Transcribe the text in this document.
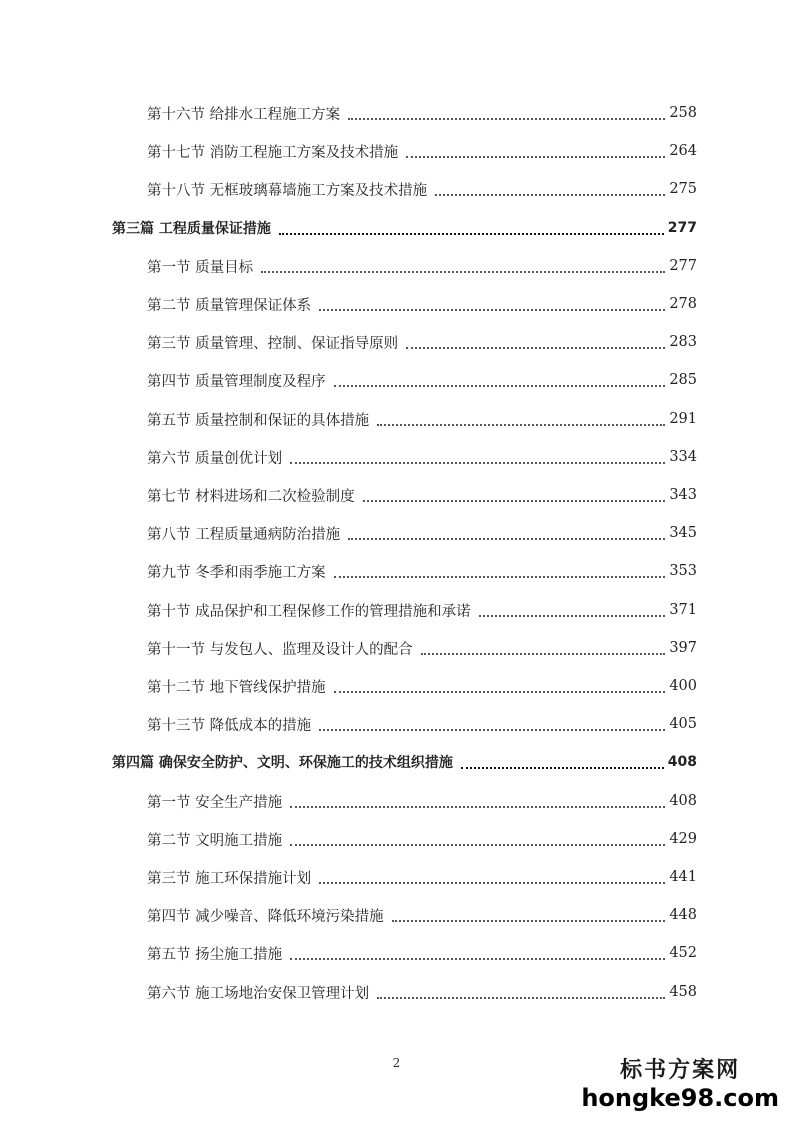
第十六节 给排水工程施工方案	258
第十七节 消防工程施工方案及技术措施	264
第十八节 无框玻璃幕墙施工方案及技术措施	275
第三篇 工程质量保证措施	277
第一节 质量目标	277
第二节 质量管理保证体系	278
第三节 质量管理、控制、保证指导原则	283
第四节 质量管理制度及程序	285
第五节 质量控制和保证的具体措施	291
第六节 质量创优计划	334
第七节 材料进场和二次检验制度	343
第八节 工程质量通病防治措施	345
第九节 冬季和雨季施工方案	353
第十节 成品保护和工程保修工作的管理措施和承诺	371
第十一节 与发包人、监理及设计人的配合	397
第十二节 地下管线保护措施	400
第十三节 降低成本的措施	405
第四篇 确保安全防护、文明、环保施工的技术组织措施	408
第一节 安全生产措施	408
第二节 文明施工措施	429
第三节 施工环保措施计划	441
第四节 减少噪音、降低环境污染措施	448
第五节 扬尘施工措施	452
第六节 施工场地治安保卫管理计划	458
2	标书方案网
hongke98.com
